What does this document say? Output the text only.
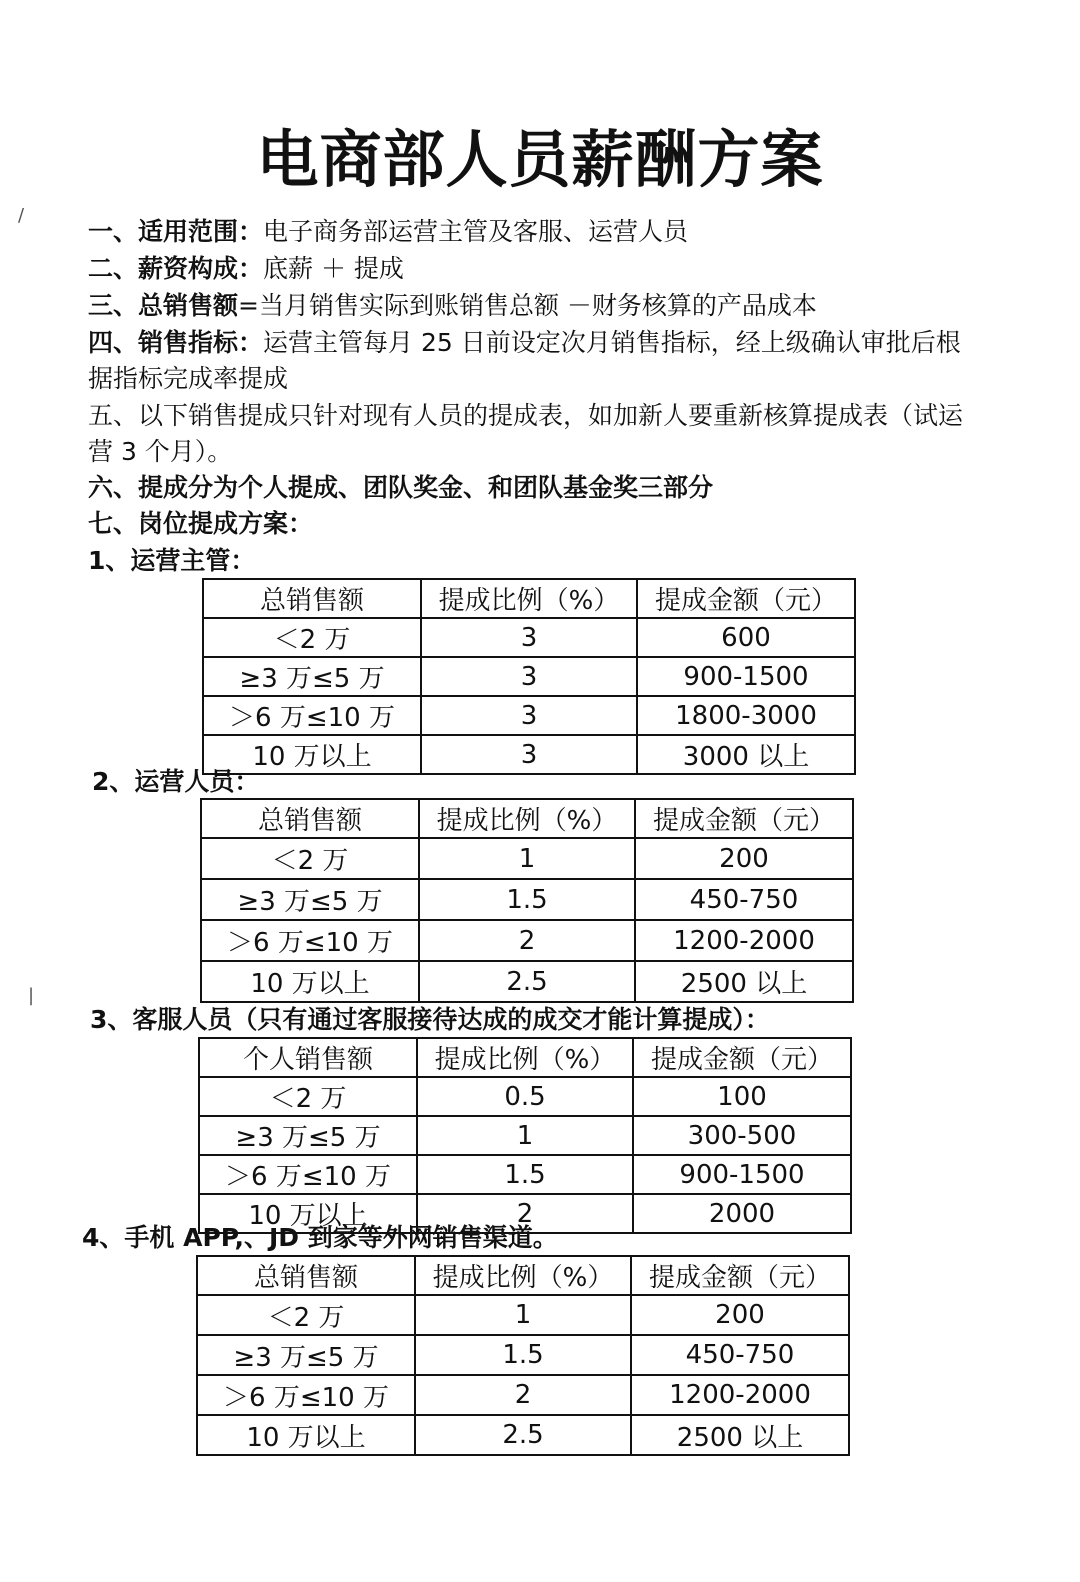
/
|
电商部人员薪酬方案
一、适用范围：电子商务部运营主管及客服、运营人员
二、薪资构成：底薪 ＋ 提成
三、总销售额=当月销售实际到账销售总额 －财务核算的产品成本
四、销售指标：运营主管每月 25 日前设定次月销售指标，经上级确认审批后根
据指标完成率提成
五、以下销售提成只针对现有人员的提成表，如加新人要重新核算提成表（试运
营 3 个月）。
六、提成分为个人提成、团队奖金、和团队基金奖三部分
七、岗位提成方案：
1、运营主管：
总销售额	提成比例（%）	提成金额（元）
＜2 万	3	600
≥3 万≤5 万	3	900-1500
＞6 万≤10 万	3	1800-3000
10 万以上	3	3000 以上
2、运营人员：
总销售额	提成比例（%）	提成金额（元）
＜2 万	1	200
≥3 万≤5 万	1.5	450-750
＞6 万≤10 万	2	1200-2000
10 万以上	2.5	2500 以上
3、客服人员（只有通过客服接待达成的成交才能计算提成）：
个人销售额	提成比例（%）	提成金额（元）
＜2 万	0.5	100
≥3 万≤5 万	1	300-500
＞6 万≤10 万	1.5	900-1500
10 万以上	2	2000
4、手机 APP,、JD 到家等外网销售渠道。
总销售额	提成比例（%）	提成金额（元）
＜2 万	1	200
≥3 万≤5 万	1.5	450-750
＞6 万≤10 万	2	1200-2000
10 万以上	2.5	2500 以上
